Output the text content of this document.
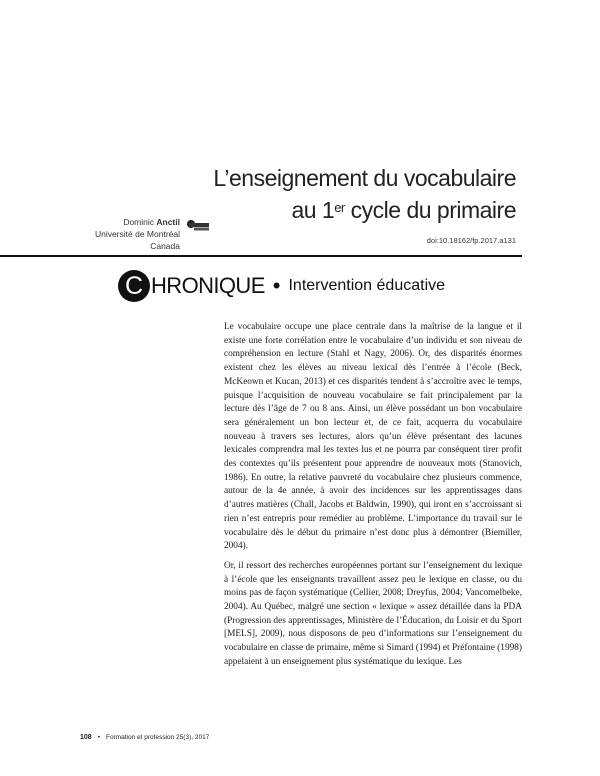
L’enseignement du vocabulaire
au 1er cycle du primaire
Dominic Anctil
Université de Montréal
Canada
doi:10.18162/fp.2017.a131
C HRONIQUE • Intervention éducative

Le vocabulaire occupe une place centrale dans la maîtrise de la langue et il existe une forte corrélation entre le vocabulaire d’un individu et son niveau de compréhension en lecture (Stahl et Nagy, 2006). Or, des disparités énormes existent chez les élèves au niveau lexical dès l’entrée à l’école (Beck, McKeown et Kucan, 2013) et ces disparités tendent à s’accroître avec le temps, puisque l’acquisition de nouveau vocabulaire se fait principalement par la lecture dès l’âge de 7 ou 8 ans. Ainsi, un élève possédant un bon vocabulaire sera généralement un bon lecteur et, de ce fait, acquerra du vocabulaire nouveau à travers ses lectures, alors qu’un élève présentant des lacunes lexicales comprendra mal les textes lus et ne pourra par conséquent tirer profit des contextes qu’ils présentent pour apprendre de nouveaux mots (Stanovich, 1986). En outre, la relative pauvreté du vocabulaire chez plusieurs commence, autour de la 4e année, à avoir des incidences sur les apprentissages dans d’autres matières (Chall, Jacobs et Baldwin, 1990), qui iront en s’accroissant si rien n’est entrepris pour remédier au problème. L’importance du travail sur le vocabulaire dès le début du primaire n’est donc plus à démontrer (Biemiller, 2004).

Or, il ressort des recherches européennes portant sur l’enseignement du lexique à l’école que les enseignants travaillent assez peu le lexique en classe, ou du moins pas de façon systématique (Cellier, 2008; Dreyfus, 2004; Vancomelbeke, 2004). Au Québec, malgré une section « lexique » assez détaillée dans la PDA (Progression des apprentissages, Ministère de l’Éducation, du Loisir et du Sport [MELS], 2009), nous disposons de peu d’informations sur l’enseignement du vocabulaire en classe de primaire, même si Simard (1994) et Préfontaine (1998) appelaient à un enseignement plus systématique du lexique. Les

108 • Formation et profession 25(3), 2017
